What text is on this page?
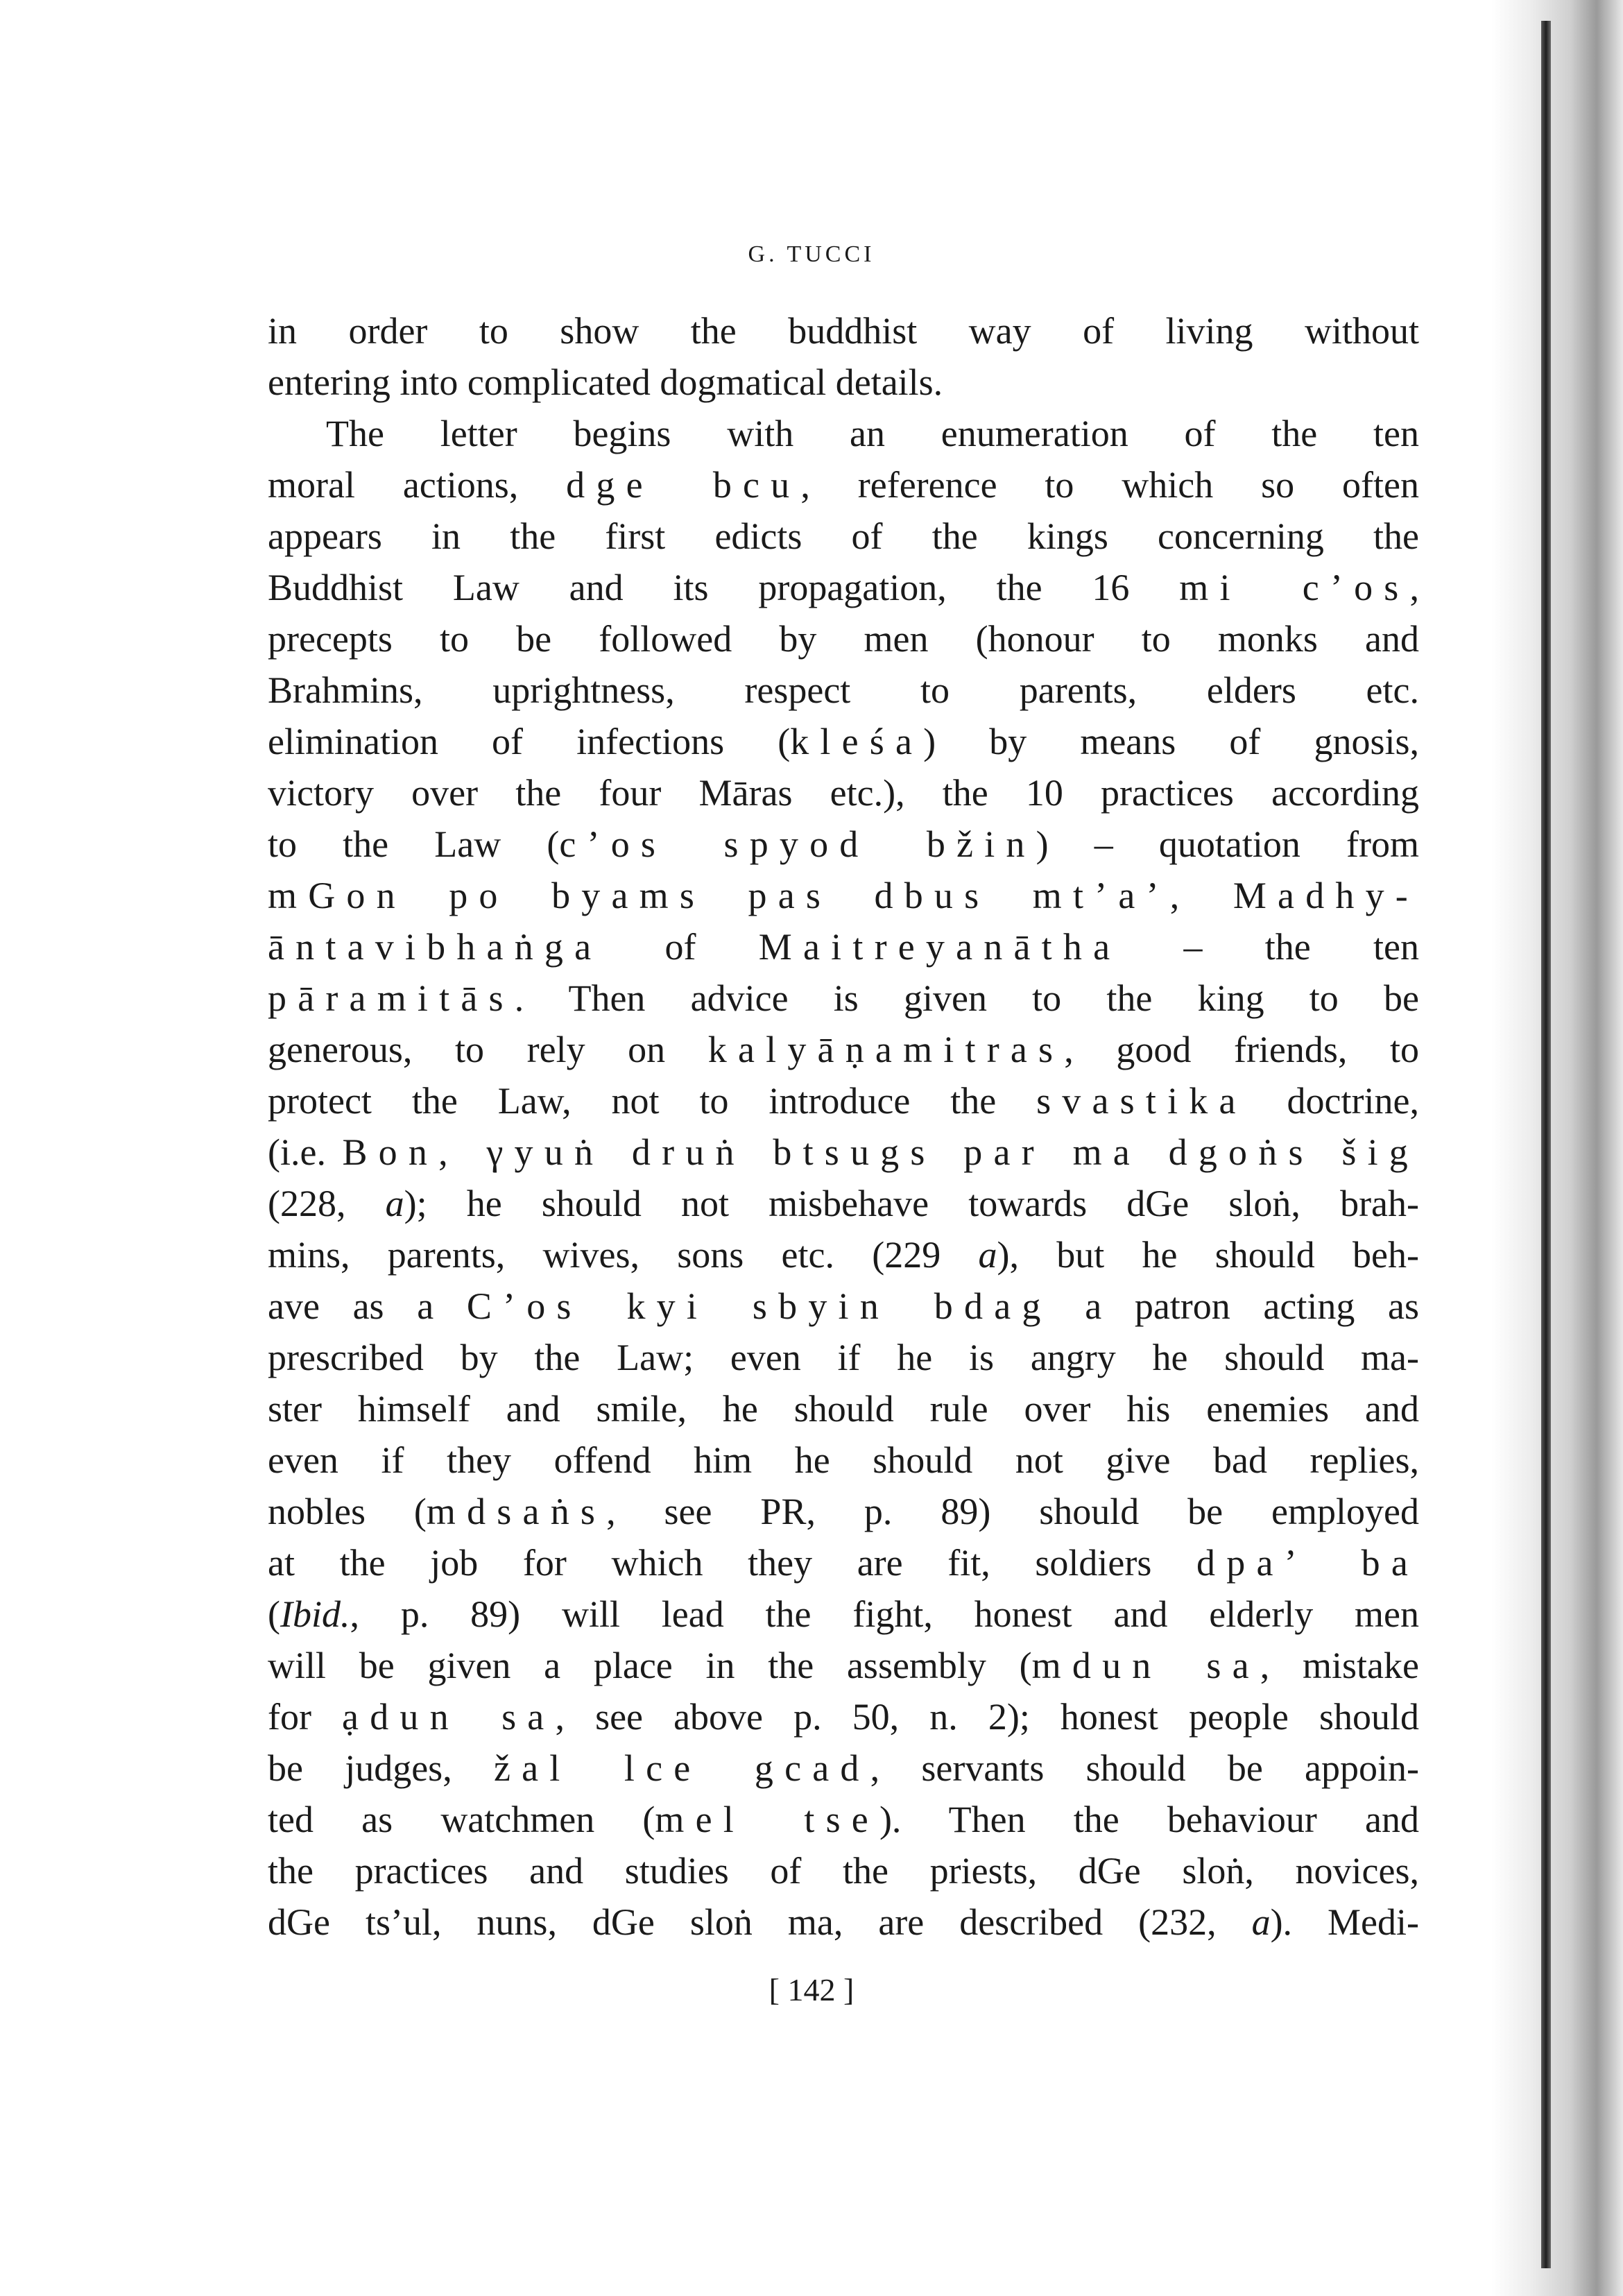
G. TUCCI

in order to show the buddhist way of living without

entering into complicated dogmatical details.

The letter begins with an enumeration of the ten

moral actions, dge bcu, reference to which so often

appears in the first edicts of the kings concerning the

Buddhist Law and its propagation, the 16 mi c’os,

precepts to be followed by men (honour to monks and

Brahmins, uprightness, respect to parents, elders etc.

elimination of infections (kleśa) by means of gnosis,

victory over the four Māras etc.), the 10 practices according

to the Law (c’os spyod bžin) – quotation from

mGon po byams pas dbus mt’a’, Madhy-

āntavibhaṅga of Maitreyanātha – the ten

pāramitās. Then advice is given to the king to be

generous, to rely on kalyāṇamitras, good friends, to

protect the Law, not to introduce the svastika doctrine,

(i.e. Bon, γyuṅ druṅ btsugs par ma dgoṅs šig

(228, a); he should not misbehave towards dGe sloṅ, brah-

mins, parents, wives, sons etc. (229 a), but he should beh-

ave as a C’os kyi sbyin bdag a patron acting as

prescribed by the Law; even if he is angry he should ma-

ster himself and smile, he should rule over his enemies and

even if they offend him he should not give bad replies,

nobles (mdsaṅs, see PR, p. 89) should be employed

at the job for which they are fit, soldiers dpa’ ba

(Ibid., p. 89) will lead the fight, honest and elderly men

will be given a place in the assembly (mdun sa, mistake

for ạdun sa, see above p. 50, n. 2); honest people should

be judges, žal lce gcad, servants should be appoin-

ted as watchmen (mel tse). Then the behaviour and

the practices and studies of the priests, dGe sloṅ, novices,

dGe ts’ul, nuns, dGe sloṅ ma, are described (232, a). Medi-

[ 142 ]
